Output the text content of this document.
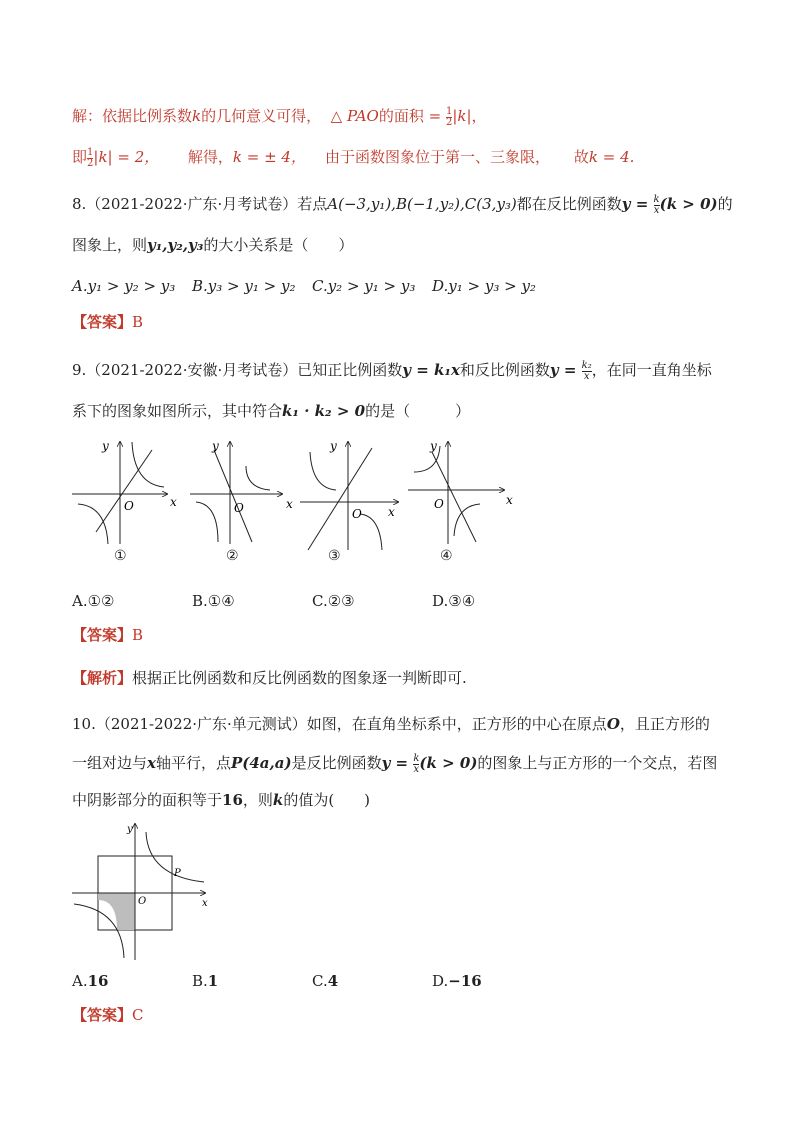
解：依据比例系数k的几何意义可得， △ PAO的面积 = $\frac{1}{2} |k|$，
即 $\frac{1}{2} |k| = 2$， 解得，k = ± 4， 由于函数图象位于第一、三象限， 故k = 4.
8.（2021-2022·广东·月考试卷）若点A(−3,y₁),B(−1,y₂),C(3,y₃)都在反比例函数$y = \frac{k}{x} (k > 0)$的
图象上，则y₁,y₂,y₃的大小关系是（　　）
A.y₁ > y₂ > y₃ B.y₃ > y₁ > y₂ C.y₂ > y₁ > y₃ D.y₁ > y₃ > y₂
【答案】B
9.（2021-2022·安徽·月考试卷）已知正比例函数y = k₁x和反比例函数$y = \frac{\text{k₂}}{x}$ ，在同一直角坐标
系下的图象如图所示，其中符合k₁ · k₂ > 0的是（　　　）
y
x
O
y
x
O
y
x
O
y
x
O
①	②	③	④
A.①②	B.①④	C.②③	D.③④
【答案】B
【解析】根据正比例函数和反比例函数的图象逐一判断即可.
10.（2021-2022·广东·单元测试）如图，在直角坐标系中，正方形的中心在原点O，且正方形的
一组对边与x轴平行，点P(4a,a)是反比例函数$y = \frac{k}{x} (k > 0)$的图象上与正方形的一个交点，若图
中阴影部分的面积等于16，则k的值为(　　)
y
x
O
P
A.16	B.1	C.4	D.−16
【答案】C
